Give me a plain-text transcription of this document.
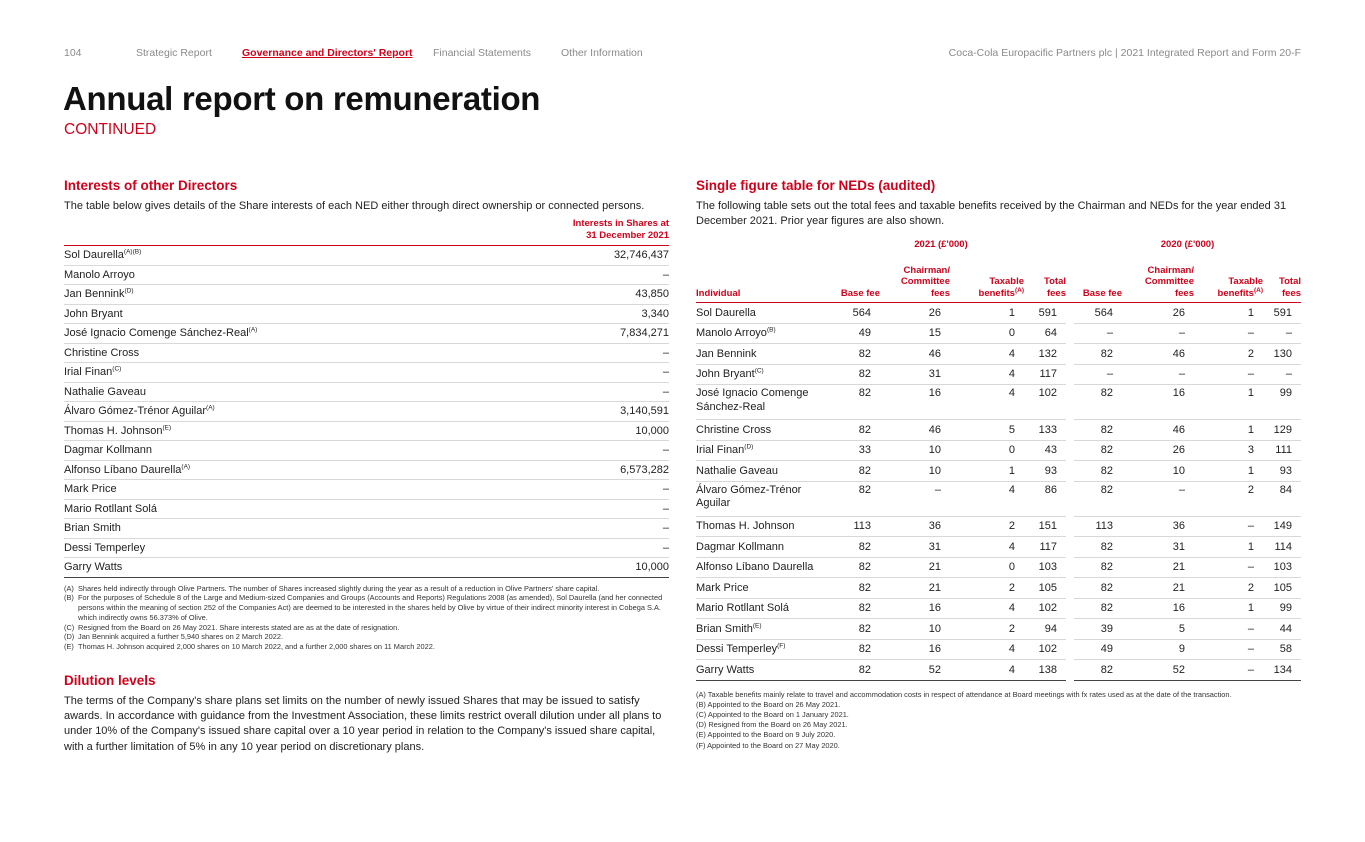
104	Strategic Report	Governance and Directors' Report Financial Statements	Other Information	Coca-Cola Europacific Partners plc | 2021 Integrated Report and Form 20-F
Annual report on remuneration
CONTINUED
Interests of other Directors

The table below gives details of the Share interests of each NED either through direct ownership or connected persons.

	Interests in Shares at
31 December 2021
Sol Daurella$^{(A)(B)}$	32,746,437
Manolo Arroyo	–
Jan Bennink$^{(D)}$	43,850
John Bryant	3,340
José Ignacio Comenge Sánchez-Real$^{(A)}$	7,834,271
Christine Cross	–
Irial Finan$^{(C)}$	–
Nathalie Gaveau	–
Álvaro Gómez-Trénor Aguilar$^{(A)}$	3,140,591
Thomas H. Johnson$^{(E)}$	10,000
Dagmar Kollmann	–
Alfonso Líbano Daurella$^{(A)}$	6,573,282
Mark Price	–
Mario Rotllant Solá	–
Brian Smith	–
Dessi Temperley	–
Garry Watts	10,000
(A) Shares held indirectly through Olive Partners. The number of Shares increased slightly during the year as a result of a reduction in Olive Partners' share capital.
(B) For the purposes of Schedule 8 of the Large and Medium-sized Companies and Groups (Accounts and Reports) Regulations 2008 (as amended), Sol Daurella (and her connected persons within the meaning of section 252 of the Companies Act) are deemed to be interested in the shares held by Olive by virtue of their indirect minority interest in Cobega S.A. which indirectly owns 56.373% of Olive.
(C) Resigned from the Board on 26 May 2021. Share interests stated are as at the date of resignation.
(D) Jan Bennink acquired a further 5,940 shares on 2 March 2022.
(E) Thomas H. Johnson acquired 2,000 shares on 10 March 2022, and a further 2,000 shares on 11 March 2022.
Dilution levels

The terms of the Company's share plans set limits on the number of newly issued Shares that may be issued to satisfy awards. In accordance with guidance from the Investment Association, these limits restrict overall dilution under all plans to under 10% of the Company's issued share capital over a 10 year period in relation to the Company's issued share capital, with a further limitation of 5% in any 10 year period on discretionary plans.

Single figure table for NEDs (audited)

The following table sets out the total fees and taxable benefits received by the Chairman and NEDs for the year ended 31 December 2021. Prior year figures are also shown.

	2021 (£'000)					2020 (£'000)			
Individual	Base fee	Chairman/
Committee
fees	Taxable
benefits$^{(A)}$	Total
fees		Base fee	Chairman/
Committee
fees	Taxable
benefits$^{(A)}$	Total
fees
Sol Daurella	564	26	1	591		564	26	1	591
Manolo Arroyo$^{(B)}$	49	15	0	64		–	–	–	–
Jan Bennink	82	46	4	132		82	46	2	130
John Bryant$^{(C)}$	82	31	4	117		–	–	–	–
José Ignacio Comenge Sánchez-Real	82	16	4	102		82	16	1	99
Christine Cross	82	46	5	133		82	46	1	129
Irial Finan$^{(D)}$	33	10	0	43		82	26	3	111
Nathalie Gaveau	82	10	1	93		82	10	1	93
Álvaro Gómez-Trénor Aguilar	82	–	4	86		82	–	2	84
Thomas H. Johnson	113	36	2	151		113	36	–	149
Dagmar Kollmann	82	31	4	117		82	31	1	114
Alfonso Líbano Daurella	82	21	0	103		82	21	–	103
Mark Price	82	21	2	105		82	21	2	105
Mario Rotllant Solá	82	16	4	102		82	16	1	99
Brian Smith$^{(E)}$	82	10	2	94		39	5	–	44
Dessi Temperley$^{(F)}$	82	16	4	102		49	9	–	58
Garry Watts	82	52	4	138		82	52	–	134
(A) Taxable benefits mainly relate to travel and accommodation costs in respect of attendance at Board meetings with fx rates used as at the date of the transaction.
(B) Appointed to the Board on 26 May 2021.
(C) Appointed to the Board on 1 January 2021.
(D) Resigned from the Board on 26 May 2021.
(E) Appointed to the Board on 9 July 2020.
(F) Appointed to the Board on 27 May 2020.
